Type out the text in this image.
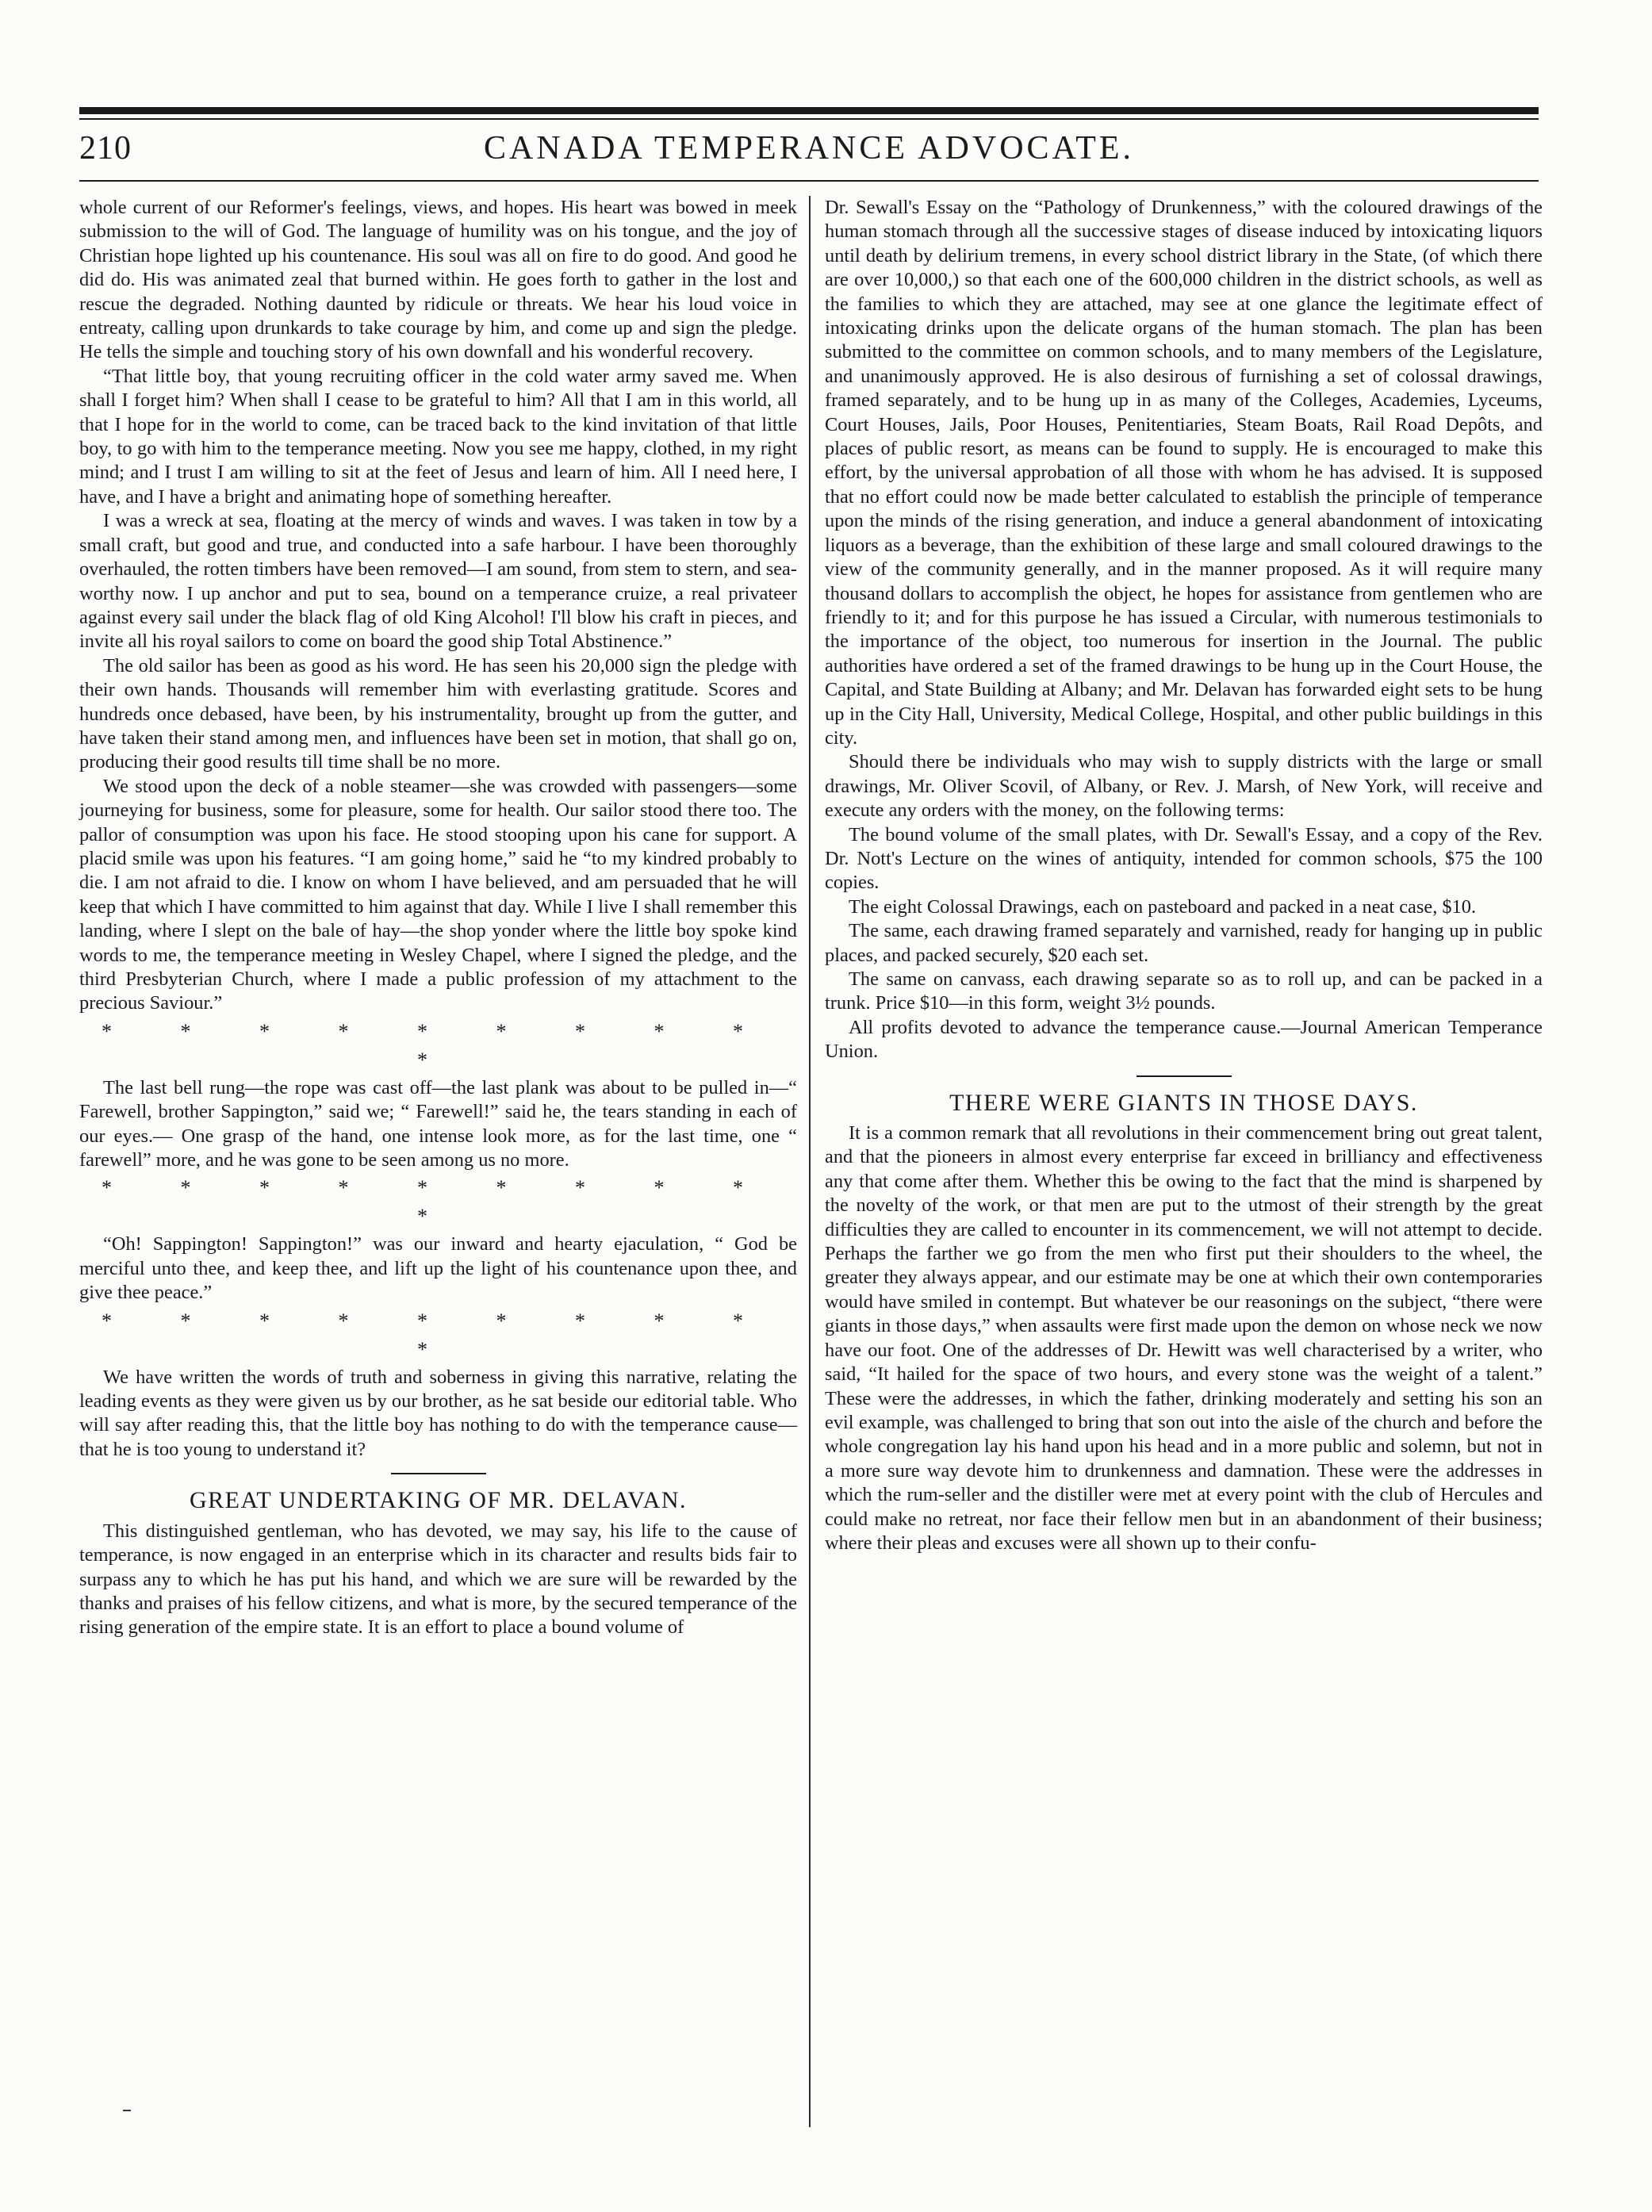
210	CANADA TEMPERANCE ADVOCATE.

whole current of our Reformer's feelings, views, and hopes. His heart was bowed in meek submission to the will of God. The language of humility was on his tongue, and the joy of Christian hope lighted up his countenance. His soul was all on fire to do good. And good he did do. His was animated zeal that burned within. He goes forth to gather in the lost and rescue the degraded. Nothing daunted by ridicule or threats. We hear his loud voice in entreaty, calling upon drunkards to take courage by him, and come up and sign the pledge. He tells the simple and touching story of his own downfall and his wonderful recovery.

“That little boy, that young recruiting officer in the cold water army saved me. When shall I forget him? When shall I cease to be grateful to him? All that I am in this world, all that I hope for in the world to come, can be traced back to the kind invitation of that little boy, to go with him to the temperance meeting. Now you see me happy, clothed, in my right mind; and I trust I am willing to sit at the feet of Jesus and learn of him. All I need here, I have, and I have a bright and animating hope of something hereafter.

I was a wreck at sea, floating at the mercy of winds and waves. I was taken in tow by a small craft, but good and true, and conducted into a safe harbour. I have been thoroughly overhauled, the rotten timbers have been removed—I am sound, from stem to stern, and sea-worthy now. I up anchor and put to sea, bound on a temperance cruize, a real privateer against every sail under the black flag of old King Alcohol! I'll blow his craft in pieces, and invite all his royal sailors to come on board the good ship Total Abstinence.”

The old sailor has been as good as his word. He has seen his 20,000 sign the pledge with their own hands. Thousands will remember him with everlasting gratitude. Scores and hundreds once debased, have been, by his instrumentality, brought up from the gutter, and have taken their stand among men, and influences have been set in motion, that shall go on, producing their good results till time shall be no more.

We stood upon the deck of a noble steamer—she was crowded with passengers—some journeying for business, some for pleasure, some for health. Our sailor stood there too. The pallor of consumption was upon his face. He stood stooping upon his cane for support. A placid smile was upon his features. “I am going home,” said he “to my kindred probably to die. I am not afraid to die. I know on whom I have believed, and am persuaded that he will keep that which I have committed to him against that day. While I live I shall remember this landing, where I slept on the bale of hay—the shop yonder where the little boy spoke kind words to me, the temperance meeting in Wesley Chapel, where I signed the pledge, and the third Presbyterian Church, where I made a public profession of my attachment to the precious Saviour.”

* * * * * * * * * *

The last bell rung—the rope was cast off—the last plank was about to be pulled in—“ Farewell, brother Sappington,” said we; “ Farewell!” said he, the tears standing in each of our eyes.— One grasp of the hand, one intense look more, as for the last time, one “ farewell” more, and he was gone to be seen among us no more.

* * * * * * * * * *

“Oh! Sappington! Sappington!” was our inward and hearty ejaculation, “ God be merciful unto thee, and keep thee, and lift up the light of his countenance upon thee, and give thee peace.”

* * * * * * * * * *

We have written the words of truth and soberness in giving this narrative, relating the leading events as they were given us by our brother, as he sat beside our editorial table. Who will say after reading this, that the little boy has nothing to do with the temperance cause—that he is too young to understand it?

GREAT UNDERTAKING OF MR. DELAVAN.

This distinguished gentleman, who has devoted, we may say, his life to the cause of temperance, is now engaged in an enterprise which in its character and results bids fair to surpass any to which he has put his hand, and which we are sure will be rewarded by the thanks and praises of his fellow citizens, and what is more, by the secured temperance of the rising generation of the empire state. It is an effort to place a bound volume of

Dr. Sewall's Essay on the “Pathology of Drunkenness,” with the coloured drawings of the human stomach through all the successive stages of disease induced by intoxicating liquors until death by delirium tremens, in every school district library in the State, (of which there are over 10,000,) so that each one of the 600,000 children in the district schools, as well as the families to which they are attached, may see at one glance the legitimate effect of intoxicating drinks upon the delicate organs of the human stomach. The plan has been submitted to the committee on common schools, and to many members of the Legislature, and unanimously approved. He is also desirous of furnishing a set of colossal drawings, framed separately, and to be hung up in as many of the Colleges, Academies, Lyceums, Court Houses, Jails, Poor Houses, Penitentiaries, Steam Boats, Rail Road Depôts, and places of public resort, as means can be found to supply. He is encouraged to make this effort, by the universal approbation of all those with whom he has advised. It is supposed that no effort could now be made better calculated to establish the principle of temperance upon the minds of the rising generation, and induce a general abandonment of intoxicating liquors as a beverage, than the exhibition of these large and small coloured drawings to the view of the community generally, and in the manner proposed. As it will require many thousand dollars to accomplish the object, he hopes for assistance from gentlemen who are friendly to it; and for this purpose he has issued a Circular, with numerous testimonials to the importance of the object, too numerous for insertion in the Journal. The public authorities have ordered a set of the framed drawings to be hung up in the Court House, the Capital, and State Building at Albany; and Mr. Delavan has forwarded eight sets to be hung up in the City Hall, University, Medical College, Hospital, and other public buildings in this city.

Should there be individuals who may wish to supply districts with the large or small drawings, Mr. Oliver Scovil, of Albany, or Rev. J. Marsh, of New York, will receive and execute any orders with the money, on the following terms:

The bound volume of the small plates, with Dr. Sewall's Essay, and a copy of the Rev. Dr. Nott's Lecture on the wines of antiquity, intended for common schools, $75 the 100 copies.

The eight Colossal Drawings, each on pasteboard and packed in a neat case, $10.

The same, each drawing framed separately and varnished, ready for hanging up in public places, and packed securely, $20 each set.

The same on canvass, each drawing separate so as to roll up, and can be packed in a trunk. Price $10—in this form, weight 3½ pounds.

All profits devoted to advance the temperance cause.—Journal American Temperance Union.

THERE WERE GIANTS IN THOSE DAYS.

It is a common remark that all revolutions in their commencement bring out great talent, and that the pioneers in almost every enterprise far exceed in brilliancy and effectiveness any that come after them. Whether this be owing to the fact that the mind is sharpened by the novelty of the work, or that men are put to the utmost of their strength by the great difficulties they are called to encounter in its commencement, we will not attempt to decide. Perhaps the farther we go from the men who first put their shoulders to the wheel, the greater they always appear, and our estimate may be one at which their own contemporaries would have smiled in contempt. But whatever be our reasonings on the subject, “there were giants in those days,” when assaults were first made upon the demon on whose neck we now have our foot. One of the addresses of Dr. Hewitt was well characterised by a writer, who said, “It hailed for the space of two hours, and every stone was the weight of a talent.” These were the addresses, in which the father, drinking moderately and setting his son an evil example, was challenged to bring that son out into the aisle of the church and before the whole congregation lay his hand upon his head and in a more public and solemn, but not in a more sure way devote him to drunkenness and damnation. These were the addresses in which the rum-seller and the distiller were met at every point with the club of Hercules and could make no retreat, nor face their fellow men but in an abandonment of their business; where their pleas and excuses were all shown up to their confu-
